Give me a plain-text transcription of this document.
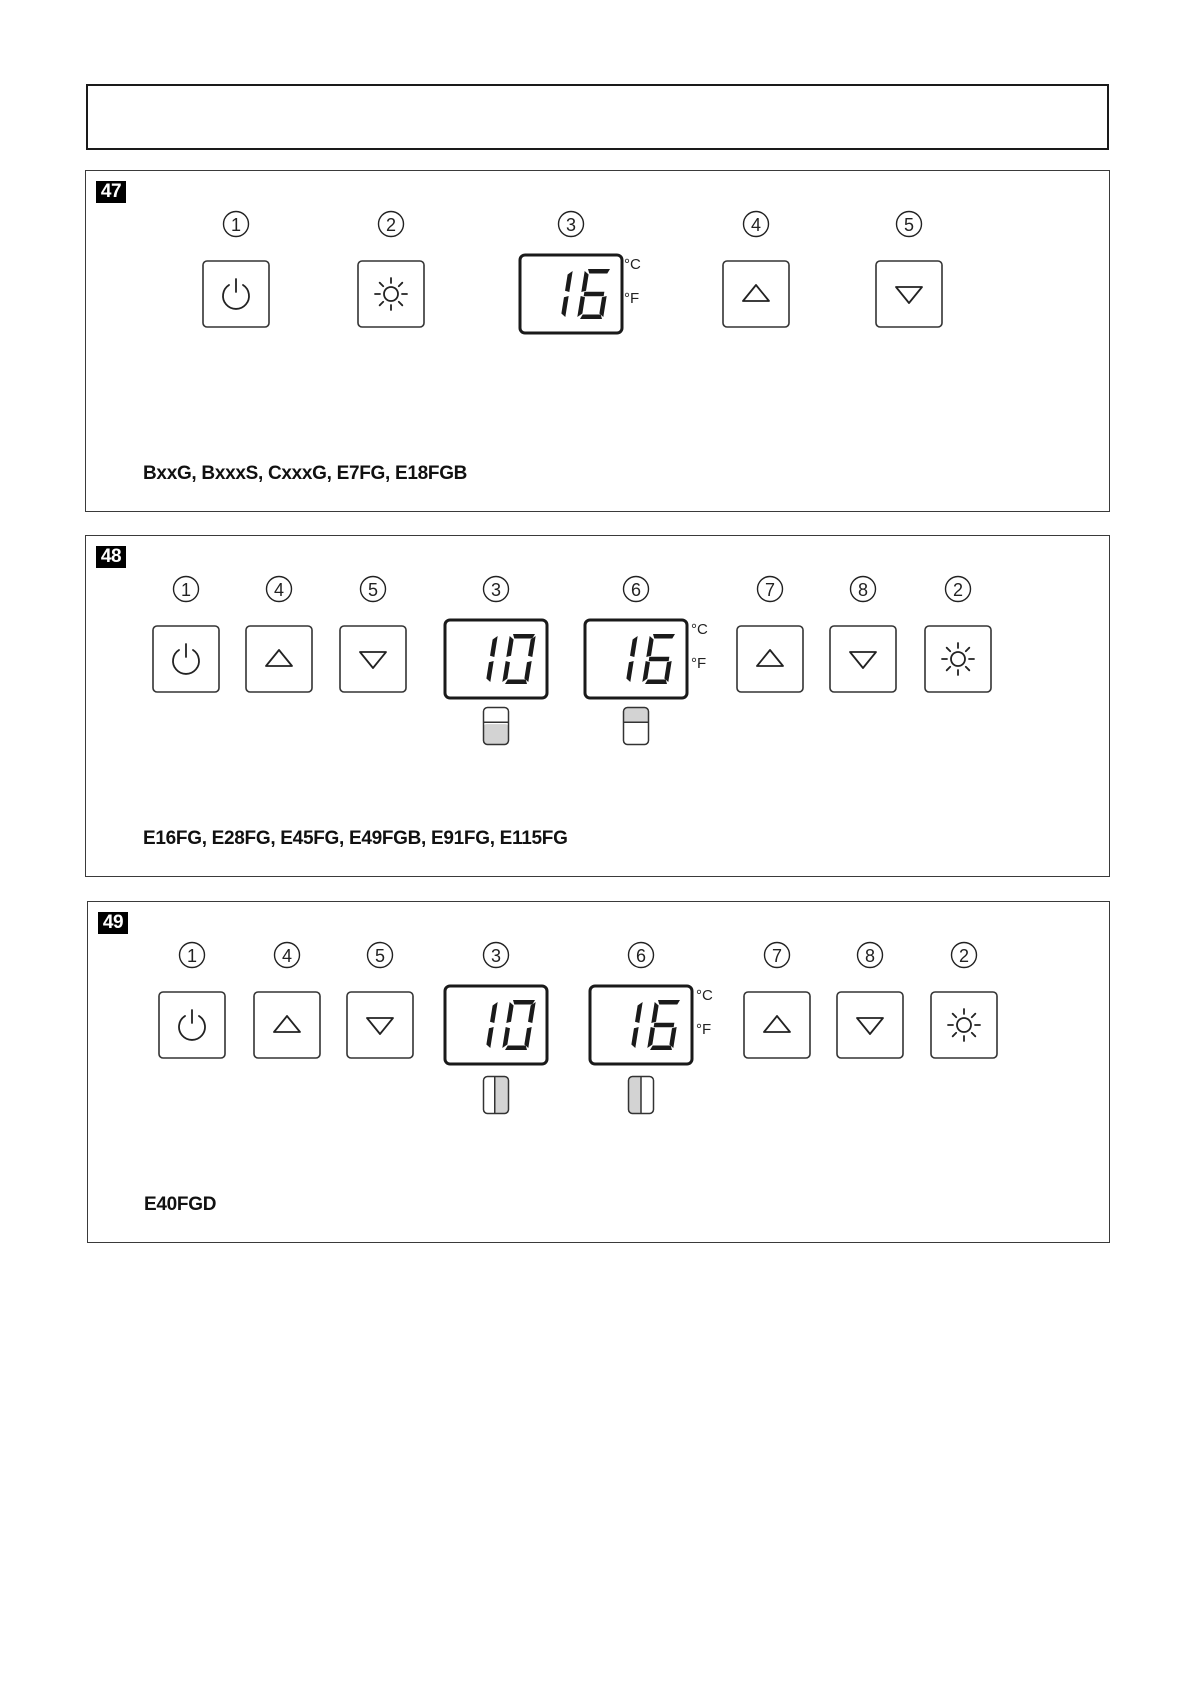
47
1	2	3	4	5
°C
°F
BxxG, BxxxS, CxxxG, E7FG, E18FGB
48
1	4	5	3	6	7	8	2
°C
°F
E16FG, E28FG, E45FG, E49FGB, E91FG, E115FG
49
1	4	5	3	6	7	8	2
°C
°F
E40FGD
